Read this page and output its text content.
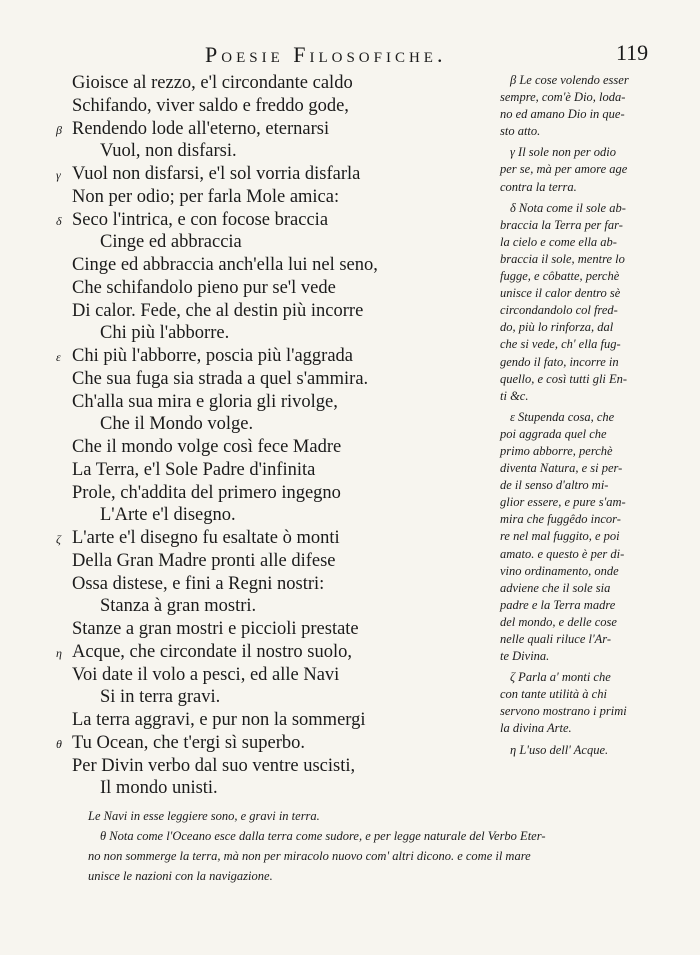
Poesie Filosofiche.	119
Gioisce al rezzo, e'l circondante caldo
Schifando, viver saldo e freddo gode,
β Rendendo lode all'eterno, eternarsi
Vuol, non disfarsi.
γ Vuol non disfarsi, e'l sol vorria disfarla
Non per odio; per farla Mole amica:
δ Seco l'intrica, e con focose braccia
Cinge ed abbraccia
Cinge ed abbraccia anch'ella lui nel seno,
Che schifandolo pieno pur se'l vede
Di calor. Fede, che al destin più incorre
Chi più l'abborre.
ε Chi più l'abborre, poscia più l'aggrada
Che sua fuga sia strada a quel s'ammira.
Ch'alla sua mira e gloria gli rivolge,
Che il Mondo volge.
Che il mondo volge così fece Madre
La Terra, e'l Sole Padre d'infinita
Prole, ch'addita del primero ingegno
L'Arte e'l disegno.
ζ L'arte e'l disegno fu esaltate ò monti
Della Gran Madre pronti alle difese
Ossa distese, e fini a Regni nostri:
Stanza à gran mostri.
Stanze a gran mostri e piccioli prestate
η Acque, che circondate il nostro suolo,
Voi date il volo a pesci, ed alle Navi
Si in terra gravi.
La terra aggravi, e pur non la sommergi
θ Tu Ocean, che t'ergi sì superbo.
Per Divin verbo dal suo ventre uscisti,
Il mondo unisti.
β Le cose volendo esser
sempre, com'è Dio, loda-
no ed amano Dio in que-
sto atto.
γ Il sole non per odio
per se, mà per amore age
contra la terra.
δ Nota come il sole ab-
braccia la Terra per far-
la cielo e come ella ab-
braccia il sole, mentre lo
fugge, e côbatte, perchè
unisce il calor dentro sè
circondandolo col fred-
do, più lo rinforza, dal
che si vede, ch' ella fug-
gendo il fato, incorre in
quello, e così tutti gli En-
ti &c.
ε Stupenda cosa, che
poi aggrada quel che
primo abborre, perchè
diventa Natura, e si per-
de il senso d'altro mi-
glior essere, e pure s'am-
mira che fuggêdo incor-
re nel mal fuggito, e poi
amato. e questo è per di-
vino ordinamento, onde
adviene che il sole sia
padre e la Terra madre
del mondo, e delle cose
nelle quali riluce l'Ar-
te Divina.
ζ Parla a' monti che
con tante utilità à chi
servono mostrano i primi
la divina Arte.
η L'uso dell' Acque.
Le Navi in esse leggiere sono, e gravi in terra.
θ Nota come l'Oceano esce dalla terra come sudore, e per legge naturale del Verbo Eter-
no non sommerge la terra, mà non per miracolo nuovo com' altri dicono. e come il mare
unisce le nazioni con la navigazione.
